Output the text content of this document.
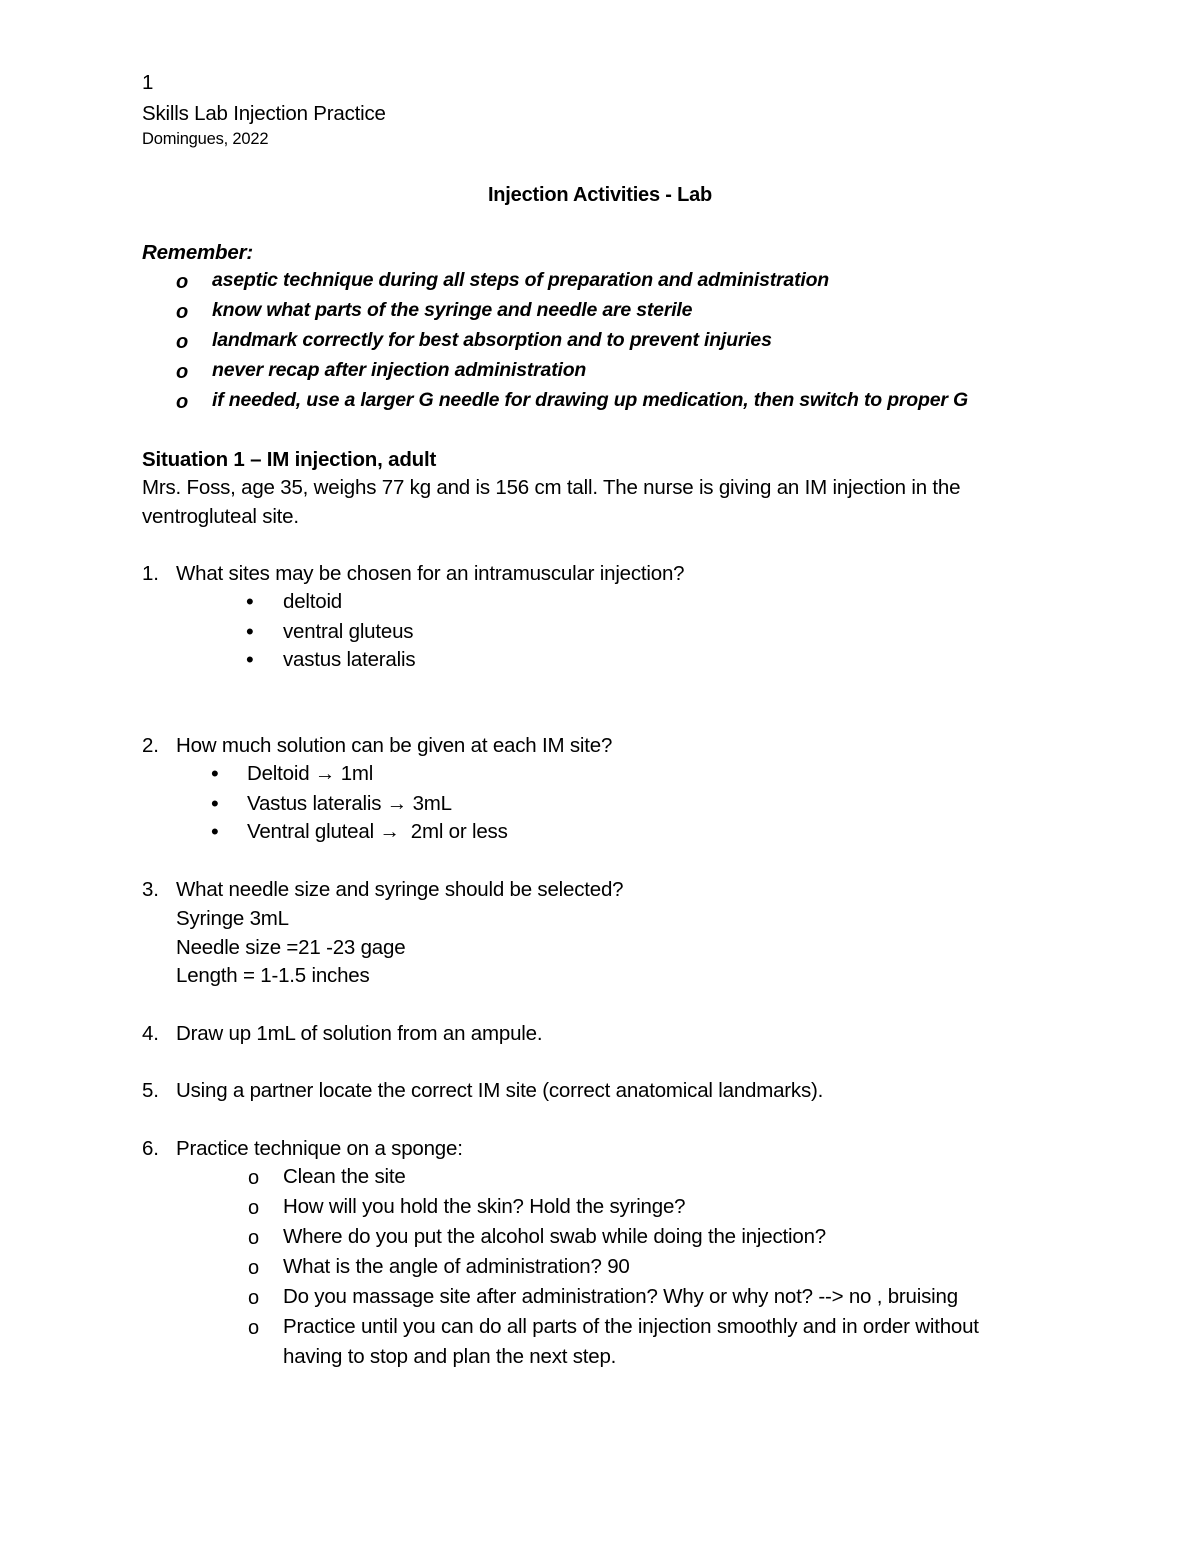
1
Skills Lab Injection Practice
Domingues, 2022
Injection Activities - Lab
Remember:
o aseptic technique during all steps of preparation and administration
o know what parts of the syringe and needle are sterile
o landmark correctly for best absorption and to prevent injuries
o never recap after injection administration
o if needed, use a larger G needle for drawing up medication, then switch to proper G
Situation 1 – IM injection, adult
Mrs. Foss, age 35, weighs 77 kg and is 156 cm tall. The nurse is giving an IM injection in the
ventrogluteal site.
1. What sites may be chosen for an intramuscular injection?
• deltoid
• ventral gluteus
• vastus lateralis
2. How much solution can be given at each IM site?
• Deltoid → 1ml
• Vastus lateralis → 3mL
• Ventral gluteal → 2ml or less
3. What needle size and syringe should be selected?
Syringe 3mL
Needle size =21 -23 gage
Length = 1-1.5 inches
4. Draw up 1mL of solution from an ampule.
5. Using a partner locate the correct IM site (correct anatomical landmarks).
6. Practice technique on a sponge:
o Clean the site
o How will you hold the skin? Hold the syringe?
o Where do you put the alcohol swab while doing the injection?
o What is the angle of administration? 90
o Do you massage site after administration? Why or why not? --> no , bruising
o Practice until you can do all parts of the injection smoothly and in order without
having to stop and plan the next step.
